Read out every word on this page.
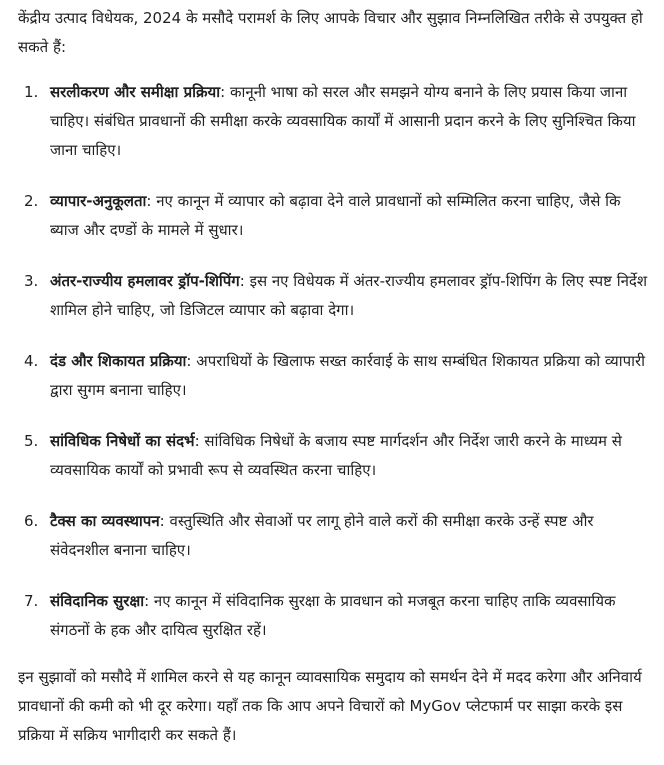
केंद्रीय उत्पाद विधेयक, 2024 के मसौदे परामर्श के लिए आपके विचार और सुझाव निम्नलिखित तरीके से उपयुक्त हो सकते हैं:

1. सरलीकरण और समीक्षा प्रक्रिया: कानूनी भाषा को सरल और समझने योग्य बनाने के लिए प्रयास किया जाना चाहिए। संबंधित प्रावधानों की समीक्षा करके व्यवसायिक कार्यों में आसानी प्रदान करने के लिए सुनिश्चित किया जाना चाहिए।
2. व्यापार-अनुकूलता: नए कानून में व्यापार को बढ़ावा देने वाले प्रावधानों को सम्मिलित करना चाहिए, जैसे कि ब्याज और दण्डों के मामले में सुधार।
3. अंतर-राज्यीय हमलावर ड्रॉप-शिपिंग: इस नए विधेयक में अंतर-राज्यीय हमलावर ड्रॉप-शिपिंग के लिए स्पष्ट निर्देश शामिल होने चाहिए, जो डिजिटल व्यापार को बढ़ावा देगा।
4. दंड और शिकायत प्रक्रिया: अपराधियों के खिलाफ सख्त कार्रवाई के साथ सम्बंधित शिकायत प्रक्रिया को व्यापारी द्वारा सुगम बनाना चाहिए।
5. सांविधिक निषेधों का संदर्भ: सांविधिक निषेधों के बजाय स्पष्ट मार्गदर्शन और निर्देश जारी करने के माध्यम से व्यवसायिक कार्यों को प्रभावी रूप से व्यवस्थित करना चाहिए।
6. टैक्स का व्यवस्थापन: वस्तुस्थिति और सेवाओं पर लागू होने वाले करों की समीक्षा करके उन्हें स्पष्ट और संवेदनशील बनाना चाहिए।
7. संविदानिक सुरक्षा: नए कानून में संविदानिक सुरक्षा के प्रावधान को मजबूत करना चाहिए ताकि व्यवसायिक संगठनों के हक और दायित्व सुरक्षित रहें।

इन सुझावों को मसौदे में शामिल करने से यह कानून व्यावसायिक समुदाय को समर्थन देने में मदद करेगा और अनिवार्य प्रावधानों की कमी को भी दूर करेगा। यहाँ तक कि आप अपने विचारों को MyGov प्लेटफार्म पर साझा करके इस प्रक्रिया में सक्रिय भागीदारी कर सकते हैं।
